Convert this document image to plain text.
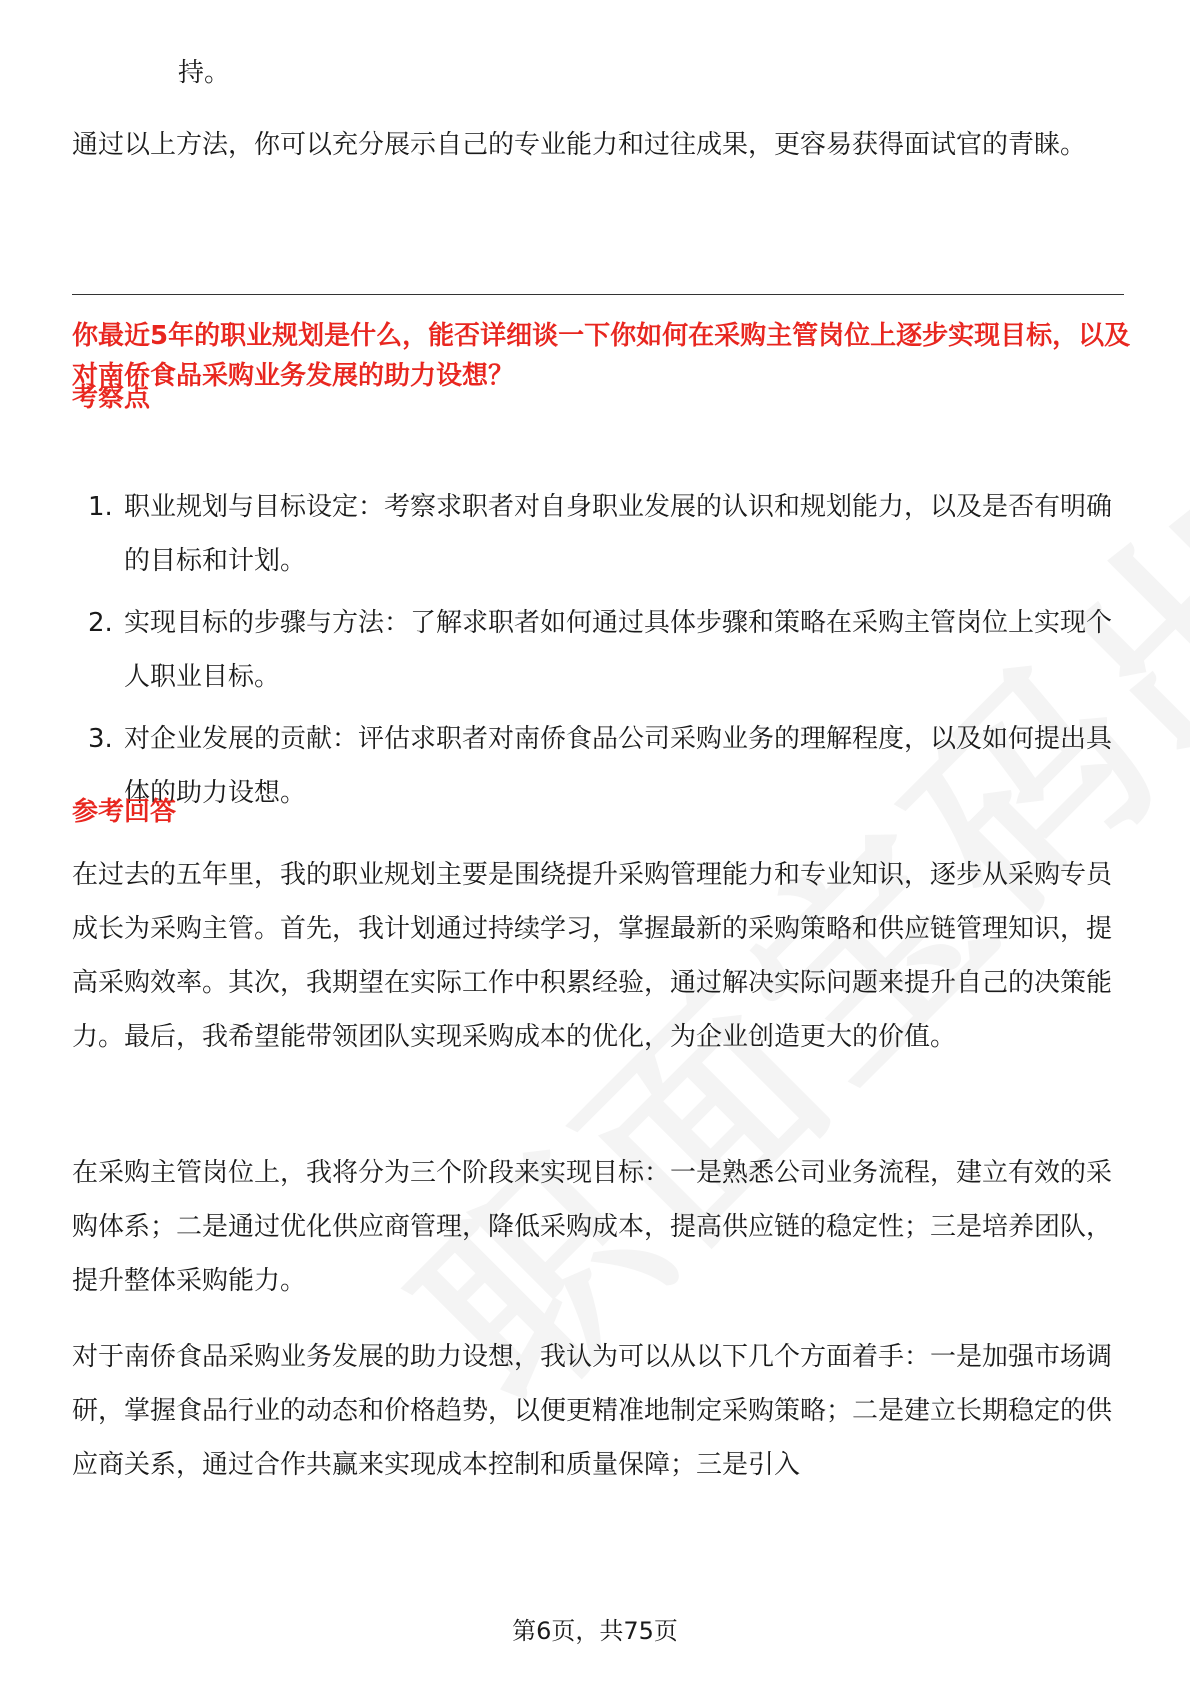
持。

通过以上方法，你可以充分展示自己的专业能力和过往成果，更容易获得面试官的青睐。

你最近5年的职业规划是什么，能否详细谈一下你如何在采购主管岗位上逐步实现目标，以及对南侨食品采购业务发展的助力设想？

考察点

1. 职业规划与目标设定：考察求职者对自身职业发展的认识和规划能力，以及是否有明确的目标和计划。
2. 实现目标的步骤与方法：了解求职者如何通过具体步骤和策略在采购主管岗位上实现个人职业目标。
3. 对企业发展的贡献：评估求职者对南侨食品公司采购业务的理解程度，以及如何提出具体的助力设想。

参考回答

在过去的五年里，我的职业规划主要是围绕提升采购管理能力和专业知识，逐步从采购专员成长为采购主管。首先，我计划通过持续学习，掌握最新的采购策略和供应链管理知识，提高采购效率。其次，我期望在实际工作中积累经验，通过解决实际问题来提升自己的决策能力。最后，我希望能带领团队实现采购成本的优化，为企业创造更大的价值。

在采购主管岗位上，我将分为三个阶段来实现目标：一是熟悉公司业务流程，建立有效的采购体系；二是通过优化供应商管理，降低采购成本，提高供应链的稳定性；三是培养团队，提升整体采购能力。

对于南侨食品采购业务发展的助力设想，我认为可以从以下几个方面着手：一是加强市场调研，掌握食品行业的动态和价格趋势，以便更精准地制定采购策略；二是建立长期稳定的供应商关系，通过合作共赢来实现成本控制和质量保障；三是引入

第6页，共75页
